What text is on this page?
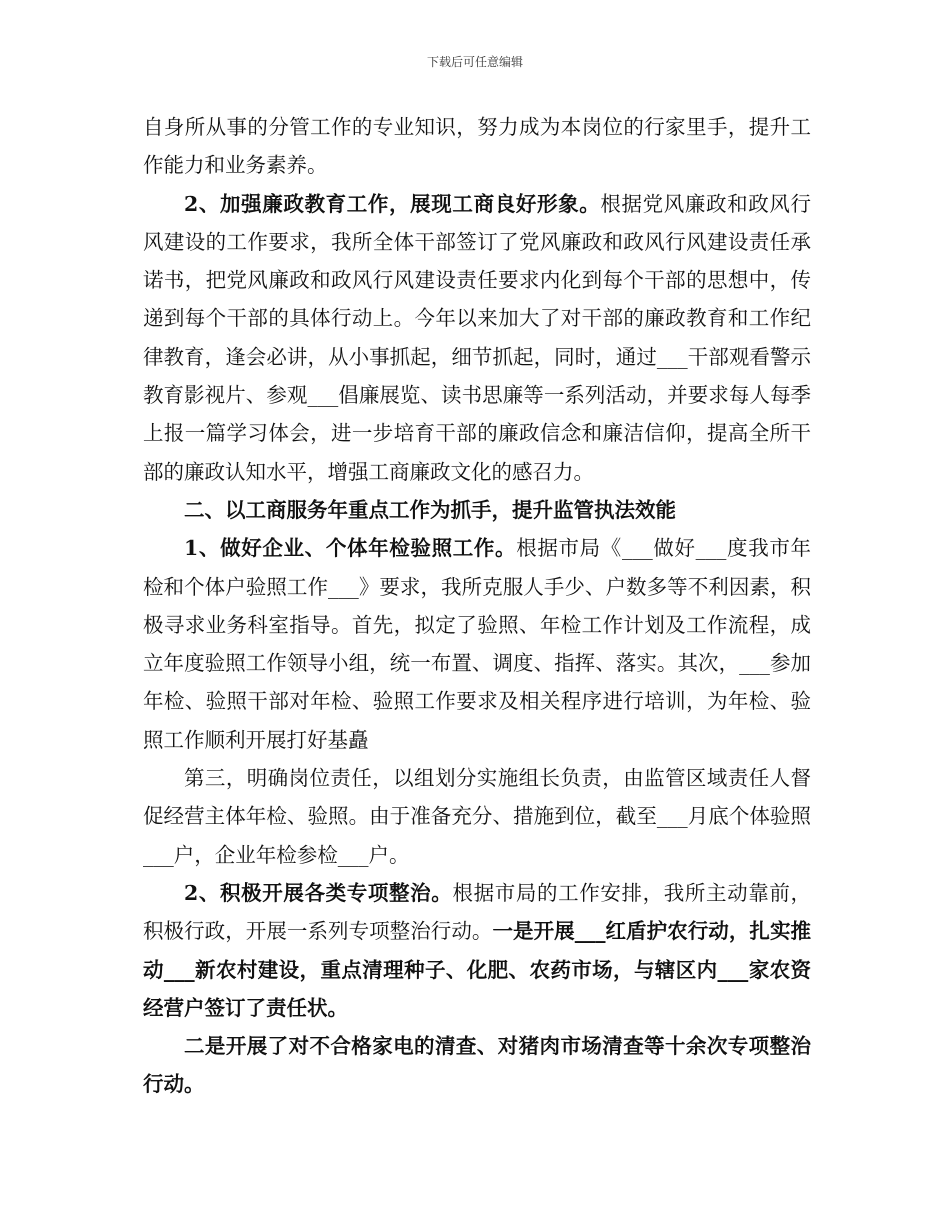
下载后可任意编辑

自身所从事的分管工作的专业知识，努力成为本岗位的行家里手，提升工作能力和业务素养。

2、加强廉政教育工作，展现工商良好形象。根据党风廉政和政风行风建设的工作要求，我所全体干部签订了党风廉政和政风行风建设责任承诺书，把党风廉政和政风行风建设责任要求内化到每个干部的思想中，传递到每个干部的具体行动上。今年以来加大了对干部的廉政教育和工作纪律教育，逢会必讲，从小事抓起，细节抓起，同时，通过___干部观看警示教育影视片、参观___倡廉展览、读书思廉等一系列活动，并要求每人每季上报一篇学习体会，进一步培育干部的廉政信念和廉洁信仰，提高全所干部的廉政认知水平，增强工商廉政文化的感召力。

二、以工商服务年重点工作为抓手，提升监管执法效能

1、做好企业、个体年检验照工作。根据市局《___做好___度我市年检和个体户验照工作___》要求，我所克服人手少、户数多等不利因素，积极寻求业务科室指导。首先，拟定了验照、年检工作计划及工作流程，成立年度验照工作领导小组，统一布置、调度、指挥、落实。其次，___参加年检、验照干部对年检、验照工作要求及相关程序进行培训，为年检、验照工作顺利开展打好基矗

第三，明确岗位责任，以组划分实施组长负责，由监管区域责任人督促经营主体年检、验照。由于准备充分、措施到位，截至___月底个体验照___户，企业年检参检___户。

2、积极开展各类专项整治。根据市局的工作安排，我所主动靠前，积极行政，开展一系列专项整治行动。一是开展___红盾护农行动，扎实推动___新农村建设，重点清理种子、化肥、农药市场，与辖区内___家农资经营户签订了责任状。

二是开展了对不合格家电的清查、对猪肉市场清查等十余次专项整治行动。
